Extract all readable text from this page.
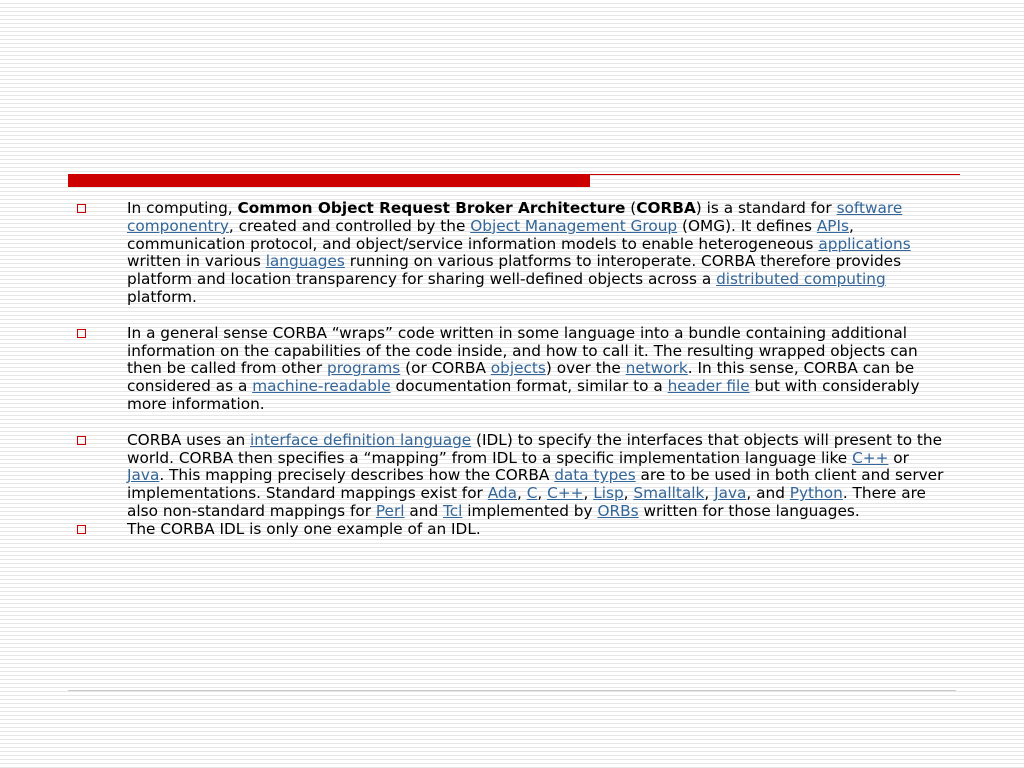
In computing, Common Object Request Broker Architecture (CORBA) is a standard for software componentry, created and controlled by the Object Management Group (OMG). It defines APIs, communication protocol, and object/service information models to enable heterogeneous applications written in various languages running on various platforms to interoperate. CORBA therefore provides platform and location transparency for sharing well-defined objects across a distributed computing platform.

In a general sense CORBA “wraps” code written in some language into a bundle containing additional information on the capabilities of the code inside, and how to call it. The resulting wrapped objects can then be called from other programs (or CORBA objects) over the network. In this sense, CORBA can be considered as a machine-readable documentation format, similar to a header file but with considerably more information.

CORBA uses an interface definition language (IDL) to specify the interfaces that objects will present to the world. CORBA then specifies a “mapping” from IDL to a specific implementation language like C++ or Java. This mapping precisely describes how the CORBA data types are to be used in both client and server implementations. Standard mappings exist for Ada, C, C++, Lisp, Smalltalk, Java, and Python. There are also non-standard mappings for Perl and Tcl implemented by ORBs written for those languages.

The CORBA IDL is only one example of an IDL.
